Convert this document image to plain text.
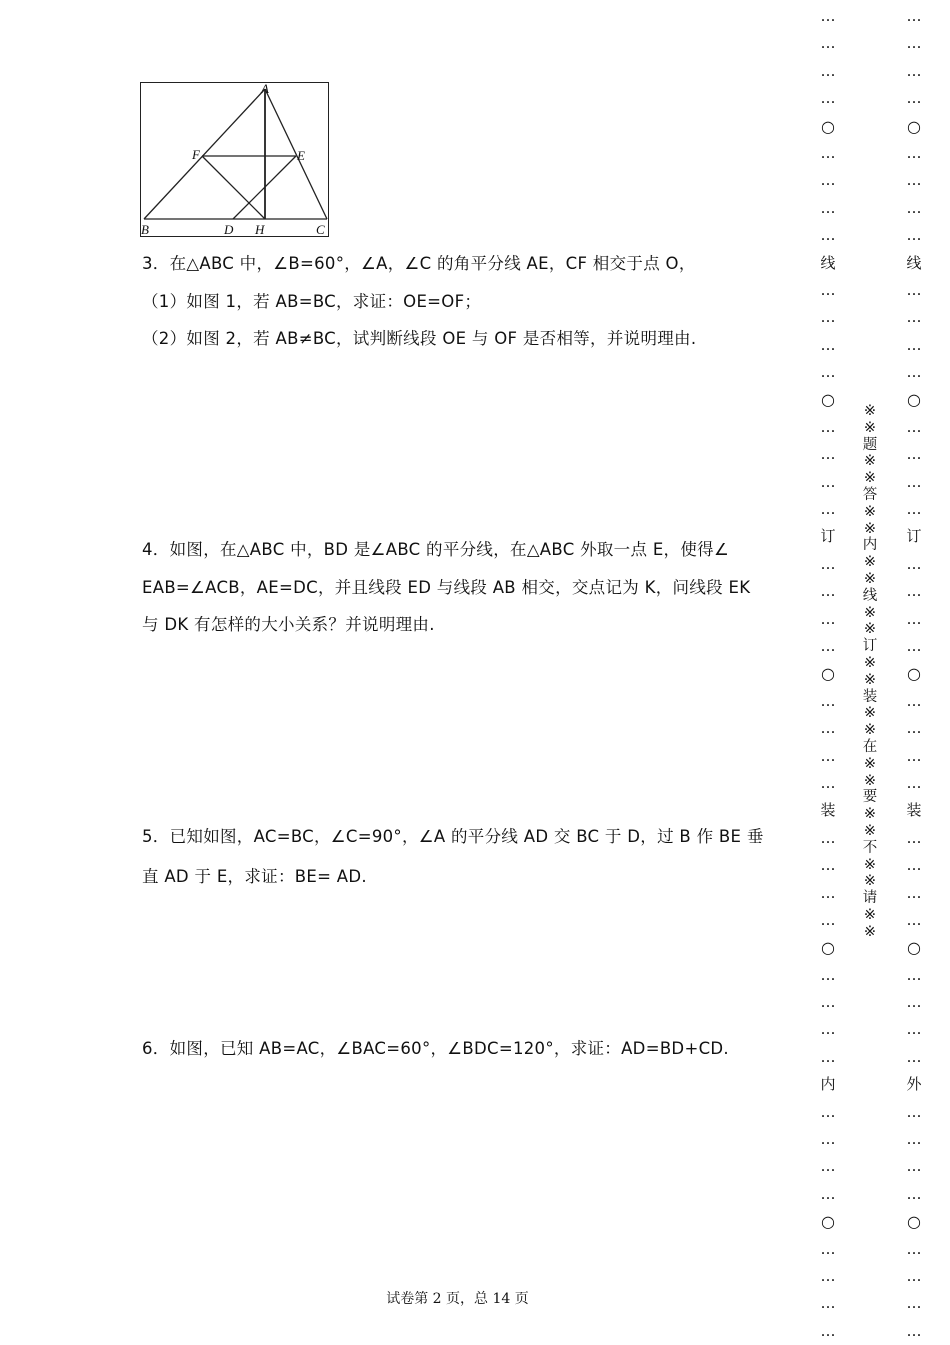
A
B	C
D
E
F
H
3．在△ABC 中，∠B=60°，∠A，∠C 的角平分线 AE，CF 相交于点 O，
（1）如图 1，若 AB=BC，求证：OE=OF；
（2）如图 2，若 AB≠BC，试判断线段 OE 与 OF 是否相等，并说明理由.
4．如图，在△ABC 中，BD 是∠ABC 的平分线，在△ABC 外取一点 E，使得∠
EAB=∠ACB，AE=DC，并且线段 ED 与线段 AB 相交，交点记为 K，问线段 EK
与 DK 有怎样的大小关系？并说明理由.
5．已知如图，AC=BC，∠C=90°，∠A 的平分线 AD 交 BC 于 D，过 B 作 BE 垂
直 AD 于 E，求证：BE= AD.
6．如图，已知 AB=AC，∠BAC=60°，∠BDC=120°，求证：AD=BD+CD.
…
…
…
…
○
…
…
…
…
线
…
…
…
…
○
…
…
…
…
订
…
…
…
…
○
…
…
…
…
装
…
…
…
…
○
…
…
…
…
内
…
…
…
…
○
…
…
…
…
…
…
…
…
○
…
…
…
…
线
…
…
…
…
○
…
…
…
…
订
…
…
…
…
○
…
…
…
…
装
…
…
…
…
○
…
…
…
…
外
…
…
…
…
○
…
…
…
…
※
※
题
※
※
答
※
※
内
※
※
线
※
※
订
※
※
装
※
※
在
※
※
要
※
※
不
※
※
请
※
※
试卷第 2 页，总 14 页
